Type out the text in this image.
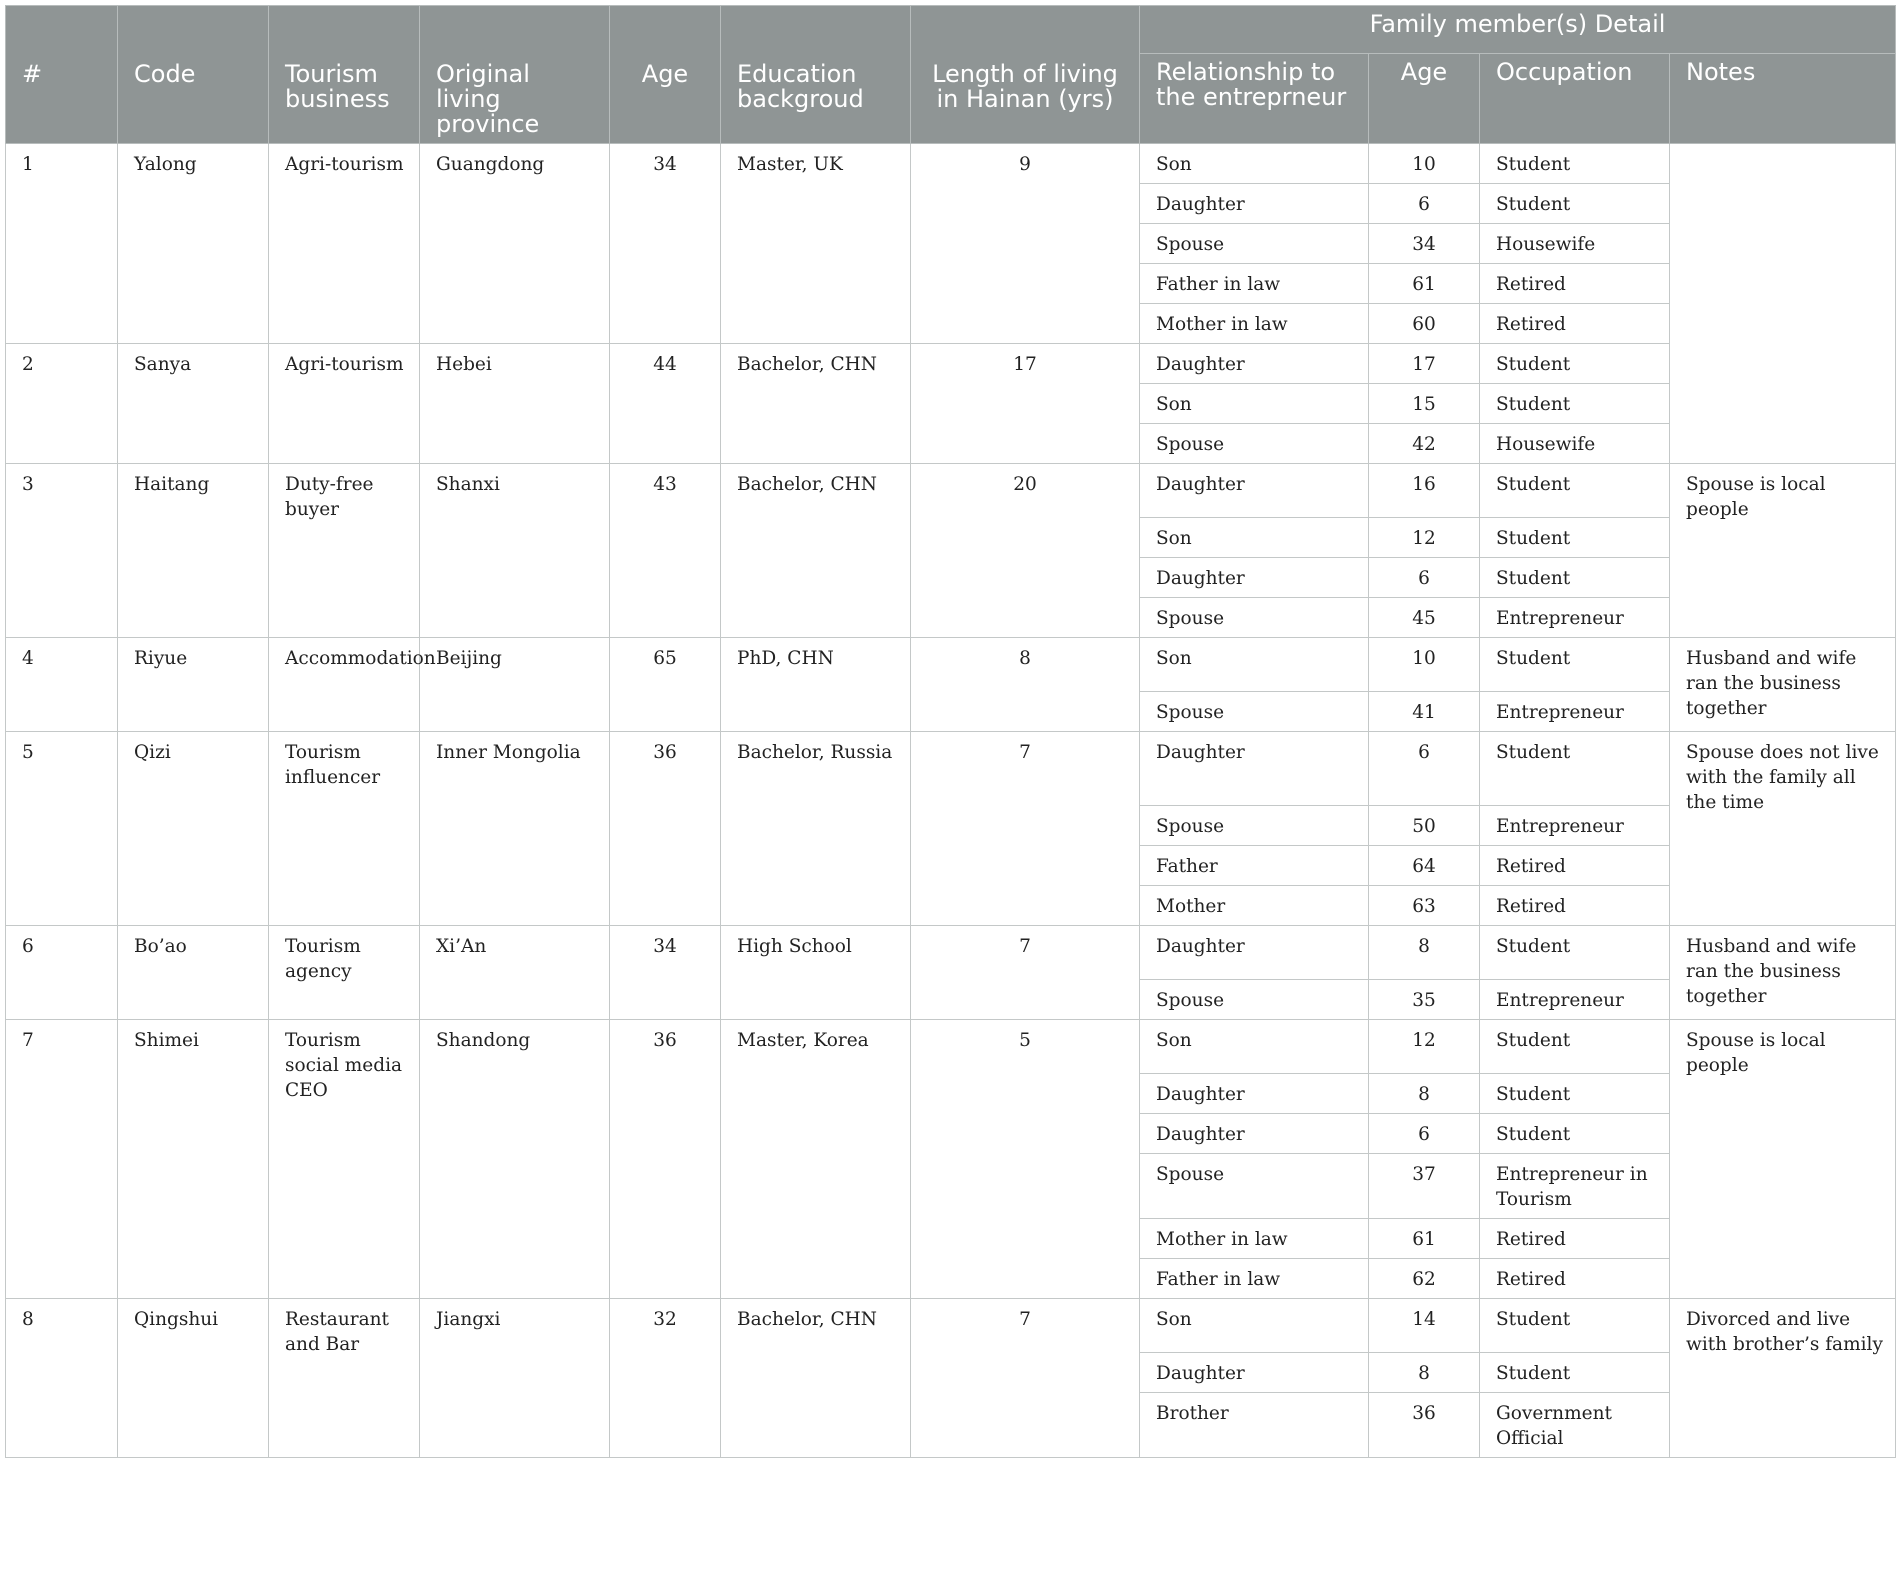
#	Code	Tourism business	Original living province	Age	Education backgroud	Length of living in Hainan (yrs)	Family member(s) Detail			
							Relationship to the entreprneur	Age	Occupation	Notes
1	Yalong	Agri-tourism	Guangdong	34	Master, UK	9	Son	10	Student	
							Daughter	6	Student	
							Spouse	34	Housewife	
							Father in law	61	Retired	
							Mother in law	60	Retired	
2	Sanya	Agri-tourism	Hebei	44	Bachelor, CHN	17	Daughter	17	Student	
							Son	15	Student	
							Spouse	42	Housewife	
3	Haitang	Duty-free buyer	Shanxi	43	Bachelor, CHN	20	Daughter	16	Student	Spouse is local people
							Son	12	Student	
							Daughter	6	Student	
							Spouse	45	Entrepreneur	
4	Riyue	Accommodation	Beijing	65	PhD, CHN	8	Son	10	Student	Husband and wife ran the business together
							Spouse	41	Entrepreneur	
5	Qizi	Tourism influencer	Inner Mongolia	36	Bachelor, Russia	7	Daughter	6	Student	Spouse does not live with the family all the time
							Spouse	50	Entrepreneur	
							Father	64	Retired	
							Mother	63	Retired	
6	Bo’ao	Tourism agency	Xi’An	34	High School	7	Daughter	8	Student	Husband and wife ran the business together
							Spouse	35	Entrepreneur	
7	Shimei	Tourism social media CEO	Shandong	36	Master, Korea	5	Son	12	Student	Spouse is local people
							Daughter	8	Student	
							Daughter	6	Student	
							Spouse	37	Entrepreneur in Tourism	
							Mother in law	61	Retired	
							Father in law	62	Retired	
8	Qingshui	Restaurant and Bar	Jiangxi	32	Bachelor, CHN	7	Son	14	Student	Divorced and live with brother’s family
							Daughter	8	Student	
							Brother	36	Government Official	
